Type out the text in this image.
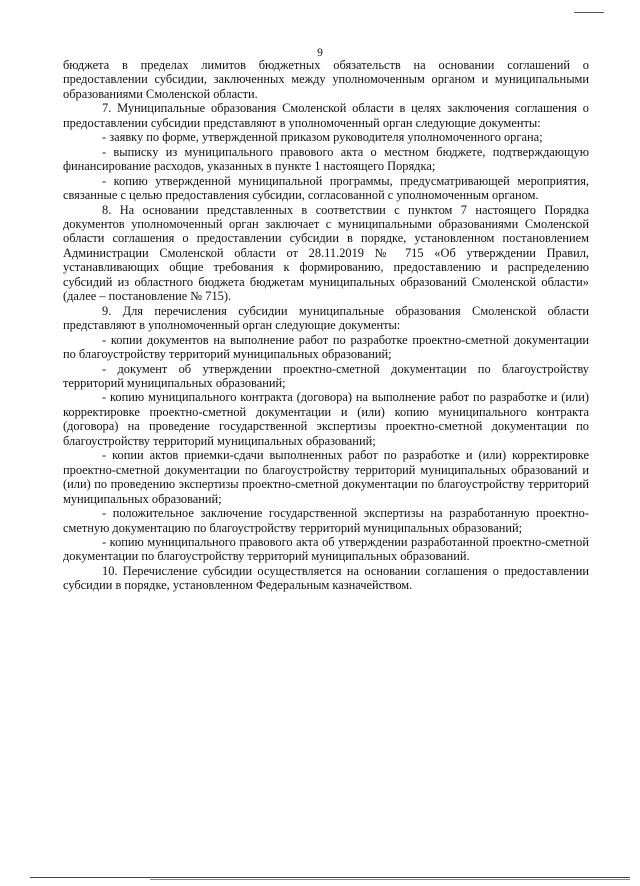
9

бюджета в пределах лимитов бюджетных обязательств на основании соглашений о предоставлении субсидии, заключенных между уполномоченным органом и муниципальными образованиями Смоленской области.

7. Муниципальные образования Смоленской области в целях заключения соглашения о предоставлении субсидии представляют в уполномоченный орган следующие документы:

- заявку по форме, утвержденной приказом руководителя уполномоченного органа;

- выписку из муниципального правового акта о местном бюджете, подтверждающую финансирование расходов, указанных в пункте 1 настоящего Порядка;

- копию утвержденной муниципальной программы, предусматривающей мероприятия, связанные с целью предоставления субсидии, согласованной с уполномоченным органом.

8. На основании представленных в соответствии с пунктом 7 настоящего Порядка документов уполномоченный орган заключает с муниципальными образованиями Смоленской области соглашения о предоставлении субсидии в порядке, установленном постановлением Администрации Смоленской области от 28.11.2019 № 715 «Об утверждении Правил, устанавливающих общие требования к формированию, предоставлению и распределению субсидий из областного бюджета бюджетам муниципальных образований Смоленской области» (далее – постановление № 715).

9. Для перечисления субсидии муниципальные образования Смоленской области представляют в уполномоченный орган следующие документы:

- копии документов на выполнение работ по разработке проектно-сметной документации по благоустройству территорий муниципальных образований;

- документ об утверждении проектно-сметной документации по благоустройству территорий муниципальных образований;

- копию муниципального контракта (договора) на выполнение работ по разработке и (или) корректировке проектно-сметной документации и (или) копию муниципального контракта (договора) на проведение государственной экспертизы проектно-сметной документации по благоустройству территорий муниципальных образований;

- копии актов приемки-сдачи выполненных работ по разработке и (или) корректировке проектно-сметной документации по благоустройству территорий муниципальных образований и (или) по проведению экспертизы проектно-сметной документации по благоустройству территорий муниципальных образований;

- положительное заключение государственной экспертизы на разработанную проектно-сметную документацию по благоустройству территорий муниципальных образований;

- копию муниципального правового акта об утверждении разработанной проектно-сметной документации по благоустройству территорий муниципальных образований.

10. Перечисление субсидии осуществляется на основании соглашения о предоставлении субсидии в порядке, установленном Федеральным казначейством.
